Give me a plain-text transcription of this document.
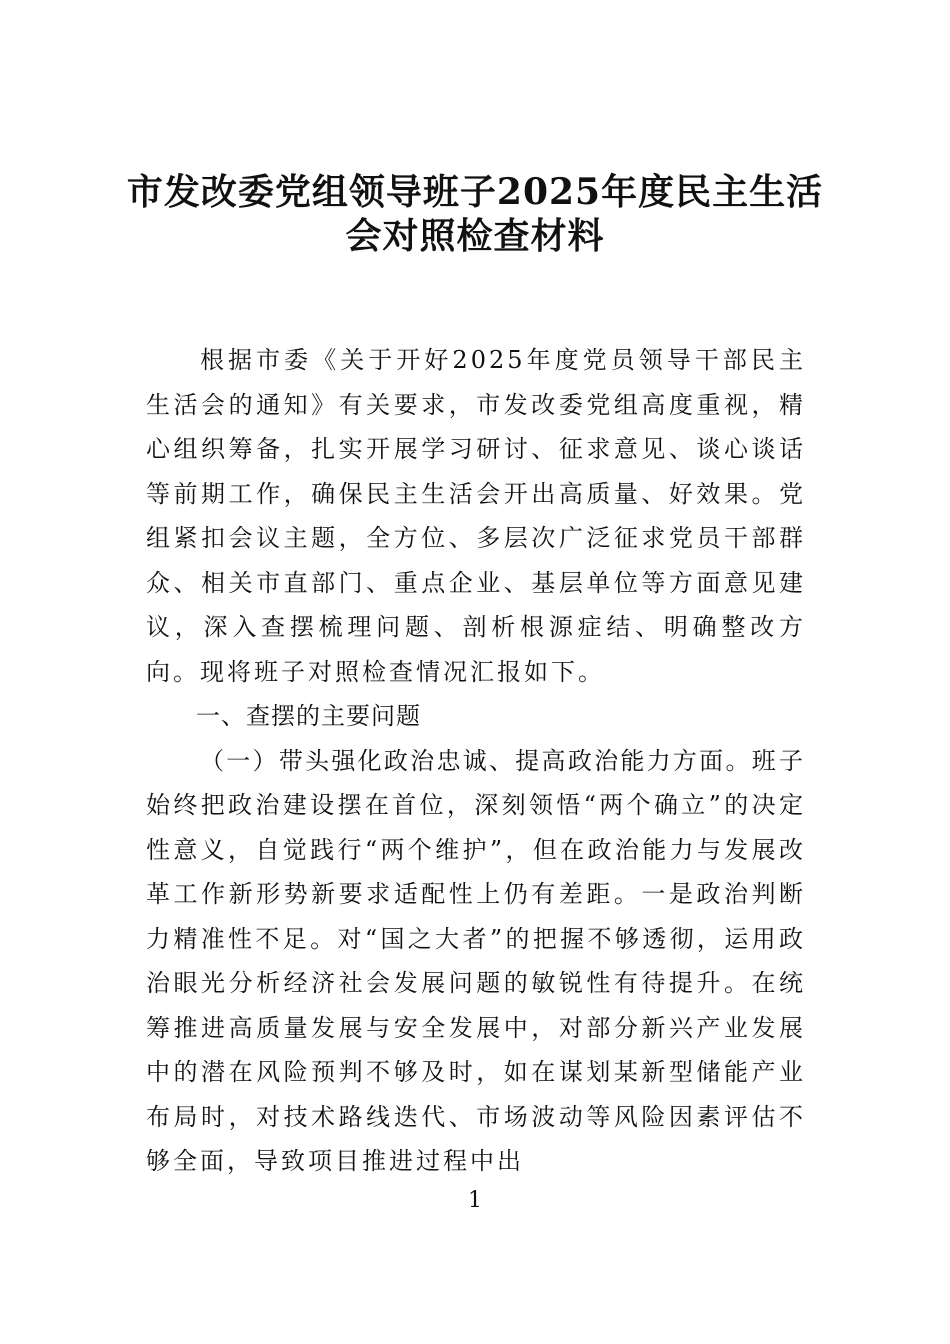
市发改委党组领导班子2025年度民主生活
会对照检查材料

根据市委《关于开好2025年度党员领导干部民主生活会的通知》有关要求，市发改委党组高度重视，精心组织筹备，扎实开展学习研讨、征求意见、谈心谈话等前期工作，确保民主生活会开出高质量、好效果。党组紧扣会议主题，全方位、多层次广泛征求党员干部群众、相关市直部门、重点企业、基层单位等方面意见建议，深入查摆梳理问题、剖析根源症结、明确整改方向。现将班子对照检查情况汇报如下。

一、查摆的主要问题

（一）带头强化政治忠诚、提高政治能力方面。班子始终把政治建设摆在首位，深刻领悟“两个确立”的决定性意义，自觉践行“两个维护”，但在政治能力与发展改革工作新形势新要求适配性上仍有差距。一是政治判断力精准性不足。对“国之大者”的把握不够透彻，运用政治眼光分析经济社会发展问题的敏锐性有待提升。在统筹推进高质量发展与安全发展中，对部分新兴产业发展中的潜在风险预判不够及时，如在谋划某新型储能产业布局时，对技术路线迭代、市场波动等风险因素评估不够全面，导致项目推进过程中出

1
